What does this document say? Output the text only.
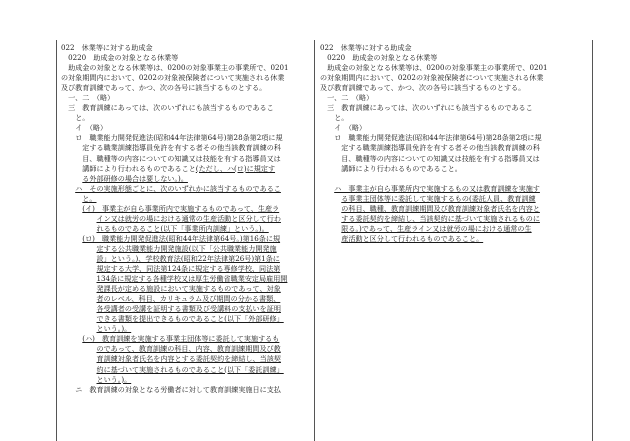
022　休業等に対する助成金
0220　助成金の対象となる休業等
助成金の対象となる休業等は、0200の対象事業主の事業所で、0201
の対象期間内において、0202の対象被保険者について実施される休業
及び教育訓練であって、かつ、次の各号に該当するものとする。
一、二　（略）
三　教育訓練にあっては、次のいずれにも該当するものであるこ
と。
イ　（略）
ロ　職業能力開発促進法(昭和44年法律第64号)第28条第2項に規
定する職業訓練指導員免許を有する者その他当該教育訓練の科
目、職種等の内容についての知識又は技能を有する指導員又は
講師により行われるものであること(ただし、ハ(ロ)に規定す
る外部研修の場合は要しない。)。
ハ　その実施形態ごとに、次のいずれかに該当するものであるこ
と。
(イ)　事業主が自ら事業所内で実施するものであって、生産ラ
イン又は就労の場における通常の生産活動と区分して行わ
れるものであること(以下「事業所内訓練」という。)。
(ロ)　職業能力開発促進法(昭和44年法律第64号。)第16条に規
定する公共職業能力開発施設(以下「公共職業能力開発施
設」という。)、学校教育法(昭和22年法律第26号)第1条に
規定する大学、同法第124条に規定する専修学校、同法第
134条に規定する各種学校又は厚生労働省職業安定局雇用開
発課長が定める施設において実施するものであって、対象
者のレベル、科目、カリキュラム及び期間の分かる書類、
各受講者の受講を証明する書類及び受講料の支払いを証明
できる書類を提出できるものであること(以下「外部研修」
という。)。
(ハ)　教育訓練を実施する事業主団体等に委託して実施するも
のであって、教育訓練の科目、内容、教育訓練期間及び教
育訓練対象者氏名を内容とする委託契約を締結し、当該契
約に基づいて実施されるものであること(以下「委託訓練」
という。)。
ニ　教育訓練の対象となる労働者に対して教育訓練実施日に支払
022　休業等に対する助成金
0220　助成金の対象となる休業等
助成金の対象となる休業等は、0200の対象事業主の事業所で、0201
の対象期間内において、0202の対象被保険者について実施される休業
及び教育訓練であって、かつ、次の各号に該当するものとする。
一、二　（略）
三　教育訓練にあっては、次のいずれにも該当するものであるこ
と。
イ　（略）
ロ　職業能力開発促進法(昭和44年法律第64号)第28条第2項に規
定する職業訓練指導員免許を有する者その他当該教育訓練の科
目、職種等の内容についての知識又は技能を有する指導員又は
講師により行われるものであること。
ハ　事業主が自ら事業所内で実施するもの又は教育訓練を実施す
る事業主団体等に委託して実施するもの(委託人員、教育訓練
の科目、職種、教育訓練期間及び教育訓練対象者氏名を内容と
する委託契約を締結し、当該契約に基づいて実施されるものに
限る。)であって、生産ライン又は就労の場における通常の生
産活動と区分して行われるものであること。
